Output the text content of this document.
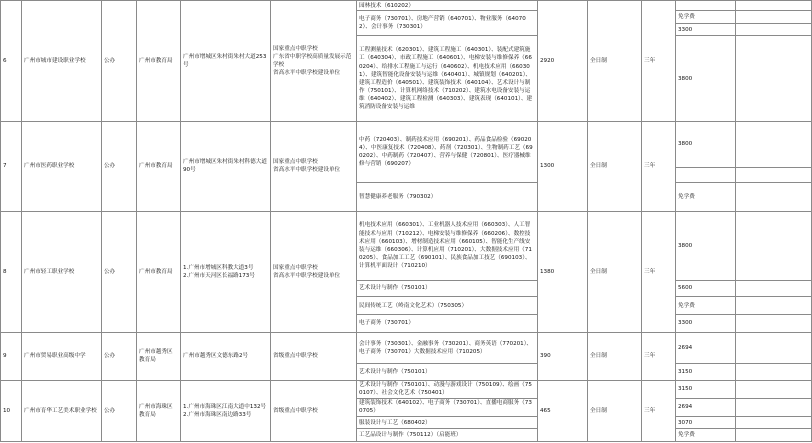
6	广州市城市建设职业学校	公办	广州市教育局	广州市增城区朱村街朱村大道253号	国家重点中职学校
广东省中职学校高质量发展示范学校
省高水平中职学校建设单位	园林技术（610202）	2920	全日制	三年		
						电子商务（730701）、房地产营销（640701）、物业服务（640702）、会计事务（730301）				免学费	
										3300	
						工程测量技术（620301）、建筑工程施工（640301）、装配式建筑施工（640304）、市政工程施工（640601）、电梯安装与维修保养（660204）、给排水工程施工与运行（640602）、机电技术应用（660301）、建筑智能化设备安装与运维（640401）、城镇规划（640201）、建筑工程造价（640501）、建筑装饰技术（640104）、艺术设计与制作（750101）、计算机网络技术（710202）、建筑水电设备安装与运维（640402）、建筑工程检测（640303）、建筑表现（640101）、建筑消防设备安装与运维				3800	
7	广州市医药职业学校	公办	广州市教育局	广州市增城区朱村街朱村科德大道90号	国家重点中职学校
省高水平中职学校建设单位	中药（720403）、制药技术应用（690201）、药品食品检验（690204）、中医康复技术（720408）、药剂（720301）、生物制药工艺（690202）、中药制药（720407）、营养与保健（720801）、医疗器械维修与营销（690207）	1300	全日制	三年	3800	

						智慧健康养老服务（790302）				免学费	
8	广州市轻工职业学校	公办	广州市教育局	1.广州市增城区科教大道3号
2.广州市天河区长福路173号	国家重点中职学校
省高水平中职学校建设单位	机电技术应用（660301）、工业机器人技术应用（660303）、人工智能技术与应用（710212）、电梯安装与维修保养（660206）、数控技术应用（660103）、增材制造技术应用（660105）、智能化生产线安装与运维（660306）、计算机应用（710201）、大数据技术应用（710205）、食品加工工艺（690101）、民族食品加工技艺（690103）、计算机平面设计（710210）	1380	全日制	三年	3800	
						艺术设计与制作（750101）				5600	
						民间传统工艺（岭南文化艺术）（750305）				免学费	
						电子商务（730701）				3300	
9	广州市贸易职业高级中学	公办	广州市越秀区教育局	广州市越秀区文德东路2号	省级重点中职学校	会计事务（730301）、金融事务（730201）、商务英语（770201）、电子商务（730701）大数据技术应用（710205）	390	全日制	三年	2694	
						艺术设计与制作（750101）				3150	
10	广州市育华工艺美术职业学校	公办	广州市海珠区教育局	1.广州市海珠区江南大道中132号
2.广州市海珠区南边路33号	省级重点中职学校	艺术设计与制作（750101）、动漫与游戏设计（750109）、绘画（750107）、社会文化艺术（750401）	465	全日制	三年	3150	
						建筑装饰技术（640102）、电子商务（730701）、直播电商服务（730705）				2694	
						服装设计与工艺（680402）				3070	
						工艺品设计与制作（750112）（启能班）				免学费	
